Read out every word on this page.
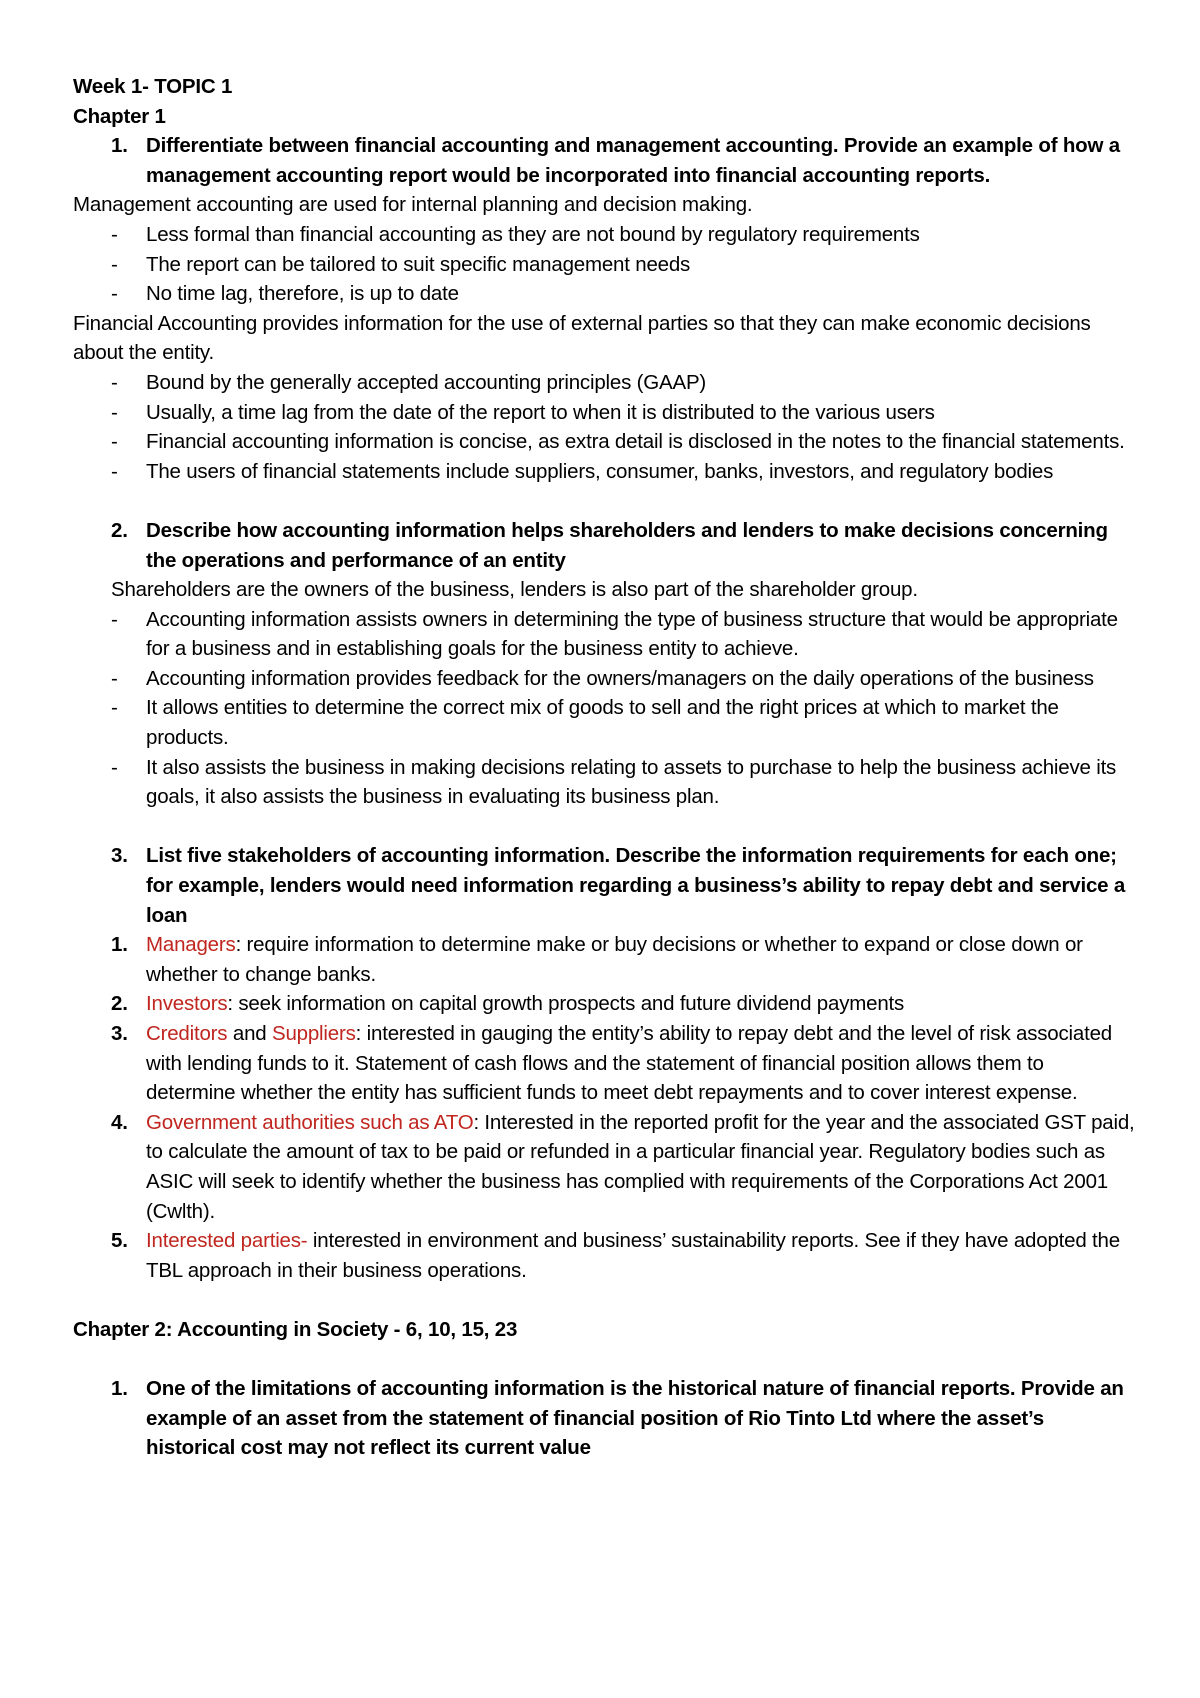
Week 1- TOPIC 1

Chapter 1

1. Differentiate between financial accounting and management accounting. Provide an example of how a management accounting report would be incorporated into financial accounting reports.

Management accounting are used for internal planning and decision making.

-	Less formal than financial accounting as they are not bound by regulatory requirements
-	The report can be tailored to suit specific management needs
-	No time lag, therefore, is up to date

Financial Accounting provides information for the use of external parties so that they can make economic decisions about the entity.

-	Bound by the generally accepted accounting principles (GAAP)
-	Usually, a time lag from the date of the report to when it is distributed to the various users
-	Financial accounting information is concise, as extra detail is disclosed in the notes to the financial statements.
-	The users of financial statements include suppliers, consumer, banks, investors, and regulatory bodies
2. Describe how accounting information helps shareholders and lenders to make decisions concerning the operations and performance of an entity

Shareholders are the owners of the business, lenders is also part of the shareholder group.

-	Accounting information assists owners in determining the type of business structure that would be appropriate for a business and in establishing goals for the business entity to achieve.
-	Accounting information provides feedback for the owners/managers on the daily operations of the business
-	It allows entities to determine the correct mix of goods to sell and the right prices at which to market the products.
-	It also assists the business in making decisions relating to assets to purchase to help the business achieve its goals, it also assists the business in evaluating its business plan.
3. List five stakeholders of accounting information. Describe the information requirements for each one; for example, lenders would need information regarding a business’s ability to repay debt and service a loan
1. Managers: require information to determine make or buy decisions or whether to expand or close down or whether to change banks.
2. Investors: seek information on capital growth prospects and future dividend payments
3. Creditors and Suppliers: interested in gauging the entity’s ability to repay debt and the level of risk associated with lending funds to it. Statement of cash flows and the statement of financial position allows them to determine whether the entity has sufficient funds to meet debt repayments and to cover interest expense.
4. Government authorities such as ATO: Interested in the reported profit for the year and the associated GST paid, to calculate the amount of tax to be paid or refunded in a particular financial year. Regulatory bodies such as ASIC will seek to identify whether the business has complied with requirements of the Corporations Act 2001 (Cwlth).
5. Interested parties- interested in environment and business’ sustainability reports. See if they have adopted the TBL approach in their business operations.

Chapter 2: Accounting in Society - 6, 10, 15, 23

1. One of the limitations of accounting information is the historical nature of financial reports. Provide an example of an asset from the statement of financial position of Rio Tinto Ltd where the asset’s historical cost may not reflect its current value
